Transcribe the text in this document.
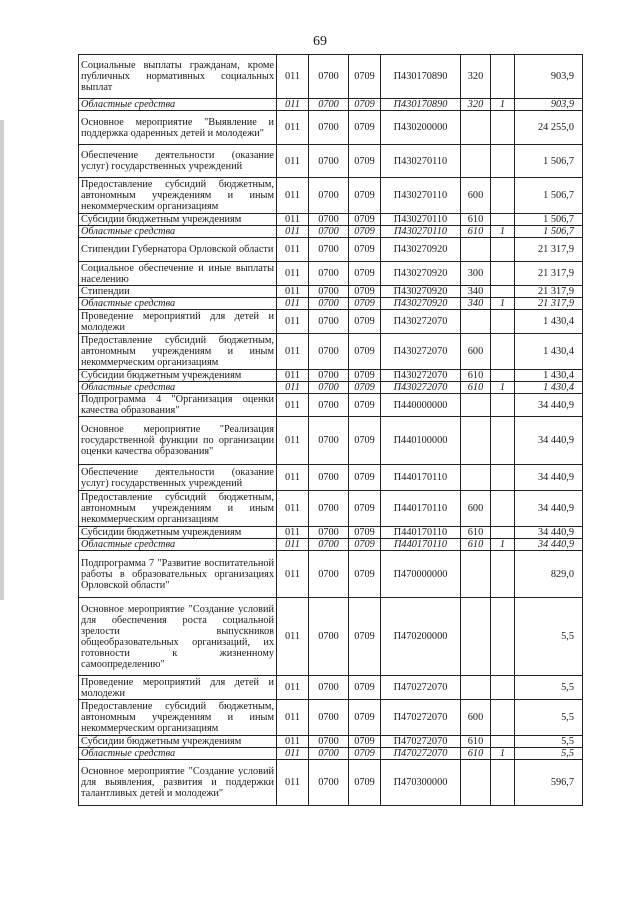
69
Социальные выплаты гражданам, кроме публичных нормативных социальных выплат	011	0700	0709	П430170890	320		903,9
Областные средства	011	0700	0709	П430170890	320	1	903,9
Основное мероприятие "Выявление и поддержка одаренных детей и молодежи"	011	0700	0709	П430200000			24 255,0
Обеспечение деятельности (оказание услуг) государственных учреждений	011	0700	0709	П430270110			1 506,7
Предоставление субсидий бюджетным, автономным учреждениям и иным некоммерческим организациям	011	0700	0709	П430270110	600		1 506,7
Субсидии бюджетным учреждениям	011	0700	0709	П430270110	610		1 506,7
Областные средства	011	0700	0709	П430270110	610	1	1 506,7
Стипендии Губернатора Орловской области	011	0700	0709	П430270920			21 317,9
Социальное обеспечение и иные выплаты населению	011	0700	0709	П430270920	300		21 317,9
Стипендии	011	0700	0709	П430270920	340		21 317,9
Областные средства	011	0700	0709	П430270920	340	1	21 317,9
Проведение мероприятий для детей и молодежи	011	0700	0709	П430272070			1 430,4
Предоставление субсидий бюджетным, автономным учреждениям и иным некоммерческим организациям	011	0700	0709	П430272070	600		1 430,4
Субсидии бюджетным учреждениям	011	0700	0709	П430272070	610		1 430,4
Областные средства	011	0700	0709	П430272070	610	1	1 430,4
Подпрограмма 4 "Организация оценки качества образования"	011	0700	0709	П440000000			34 440,9
Основное мероприятие "Реализация государственной функции по организации оценки качества образования"	011	0700	0709	П440100000			34 440,9
Обеспечение деятельности (оказание услуг) государственных учреждений	011	0700	0709	П440170110			34 440,9
Предоставление субсидий бюджетным, автономным учреждениям и иным некоммерческим организациям	011	0700	0709	П440170110	600		34 440,9
Субсидии бюджетным учреждениям	011	0700	0709	П440170110	610		34 440,9
Областные средства	011	0700	0709	П440170110	610	1	34 440,9
Подпрограмма 7 "Развитие воспитательной работы в образовательных организациях Орловской области"	011	0700	0709	П470000000			829,0
Основное мероприятие "Создание условий для обеспечения роста социальной зрелости выпускников общеобразовательных организаций, их готовности к жизненному самоопределению"	011	0700	0709	П470200000			5,5
Проведение мероприятий для детей и молодежи	011	0700	0709	П470272070			5,5
Предоставление субсидий бюджетным, автономным учреждениям и иным некоммерческим организациям	011	0700	0709	П470272070	600		5,5
Субсидии бюджетным учреждениям	011	0700	0709	П470272070	610		5,5
Областные средства	011	0700	0709	П470272070	610	1	5,5
Основное мероприятие "Создание условий для выявления, развития и поддержки талантливых детей и молодежи"	011	0700	0709	П470300000			596,7
